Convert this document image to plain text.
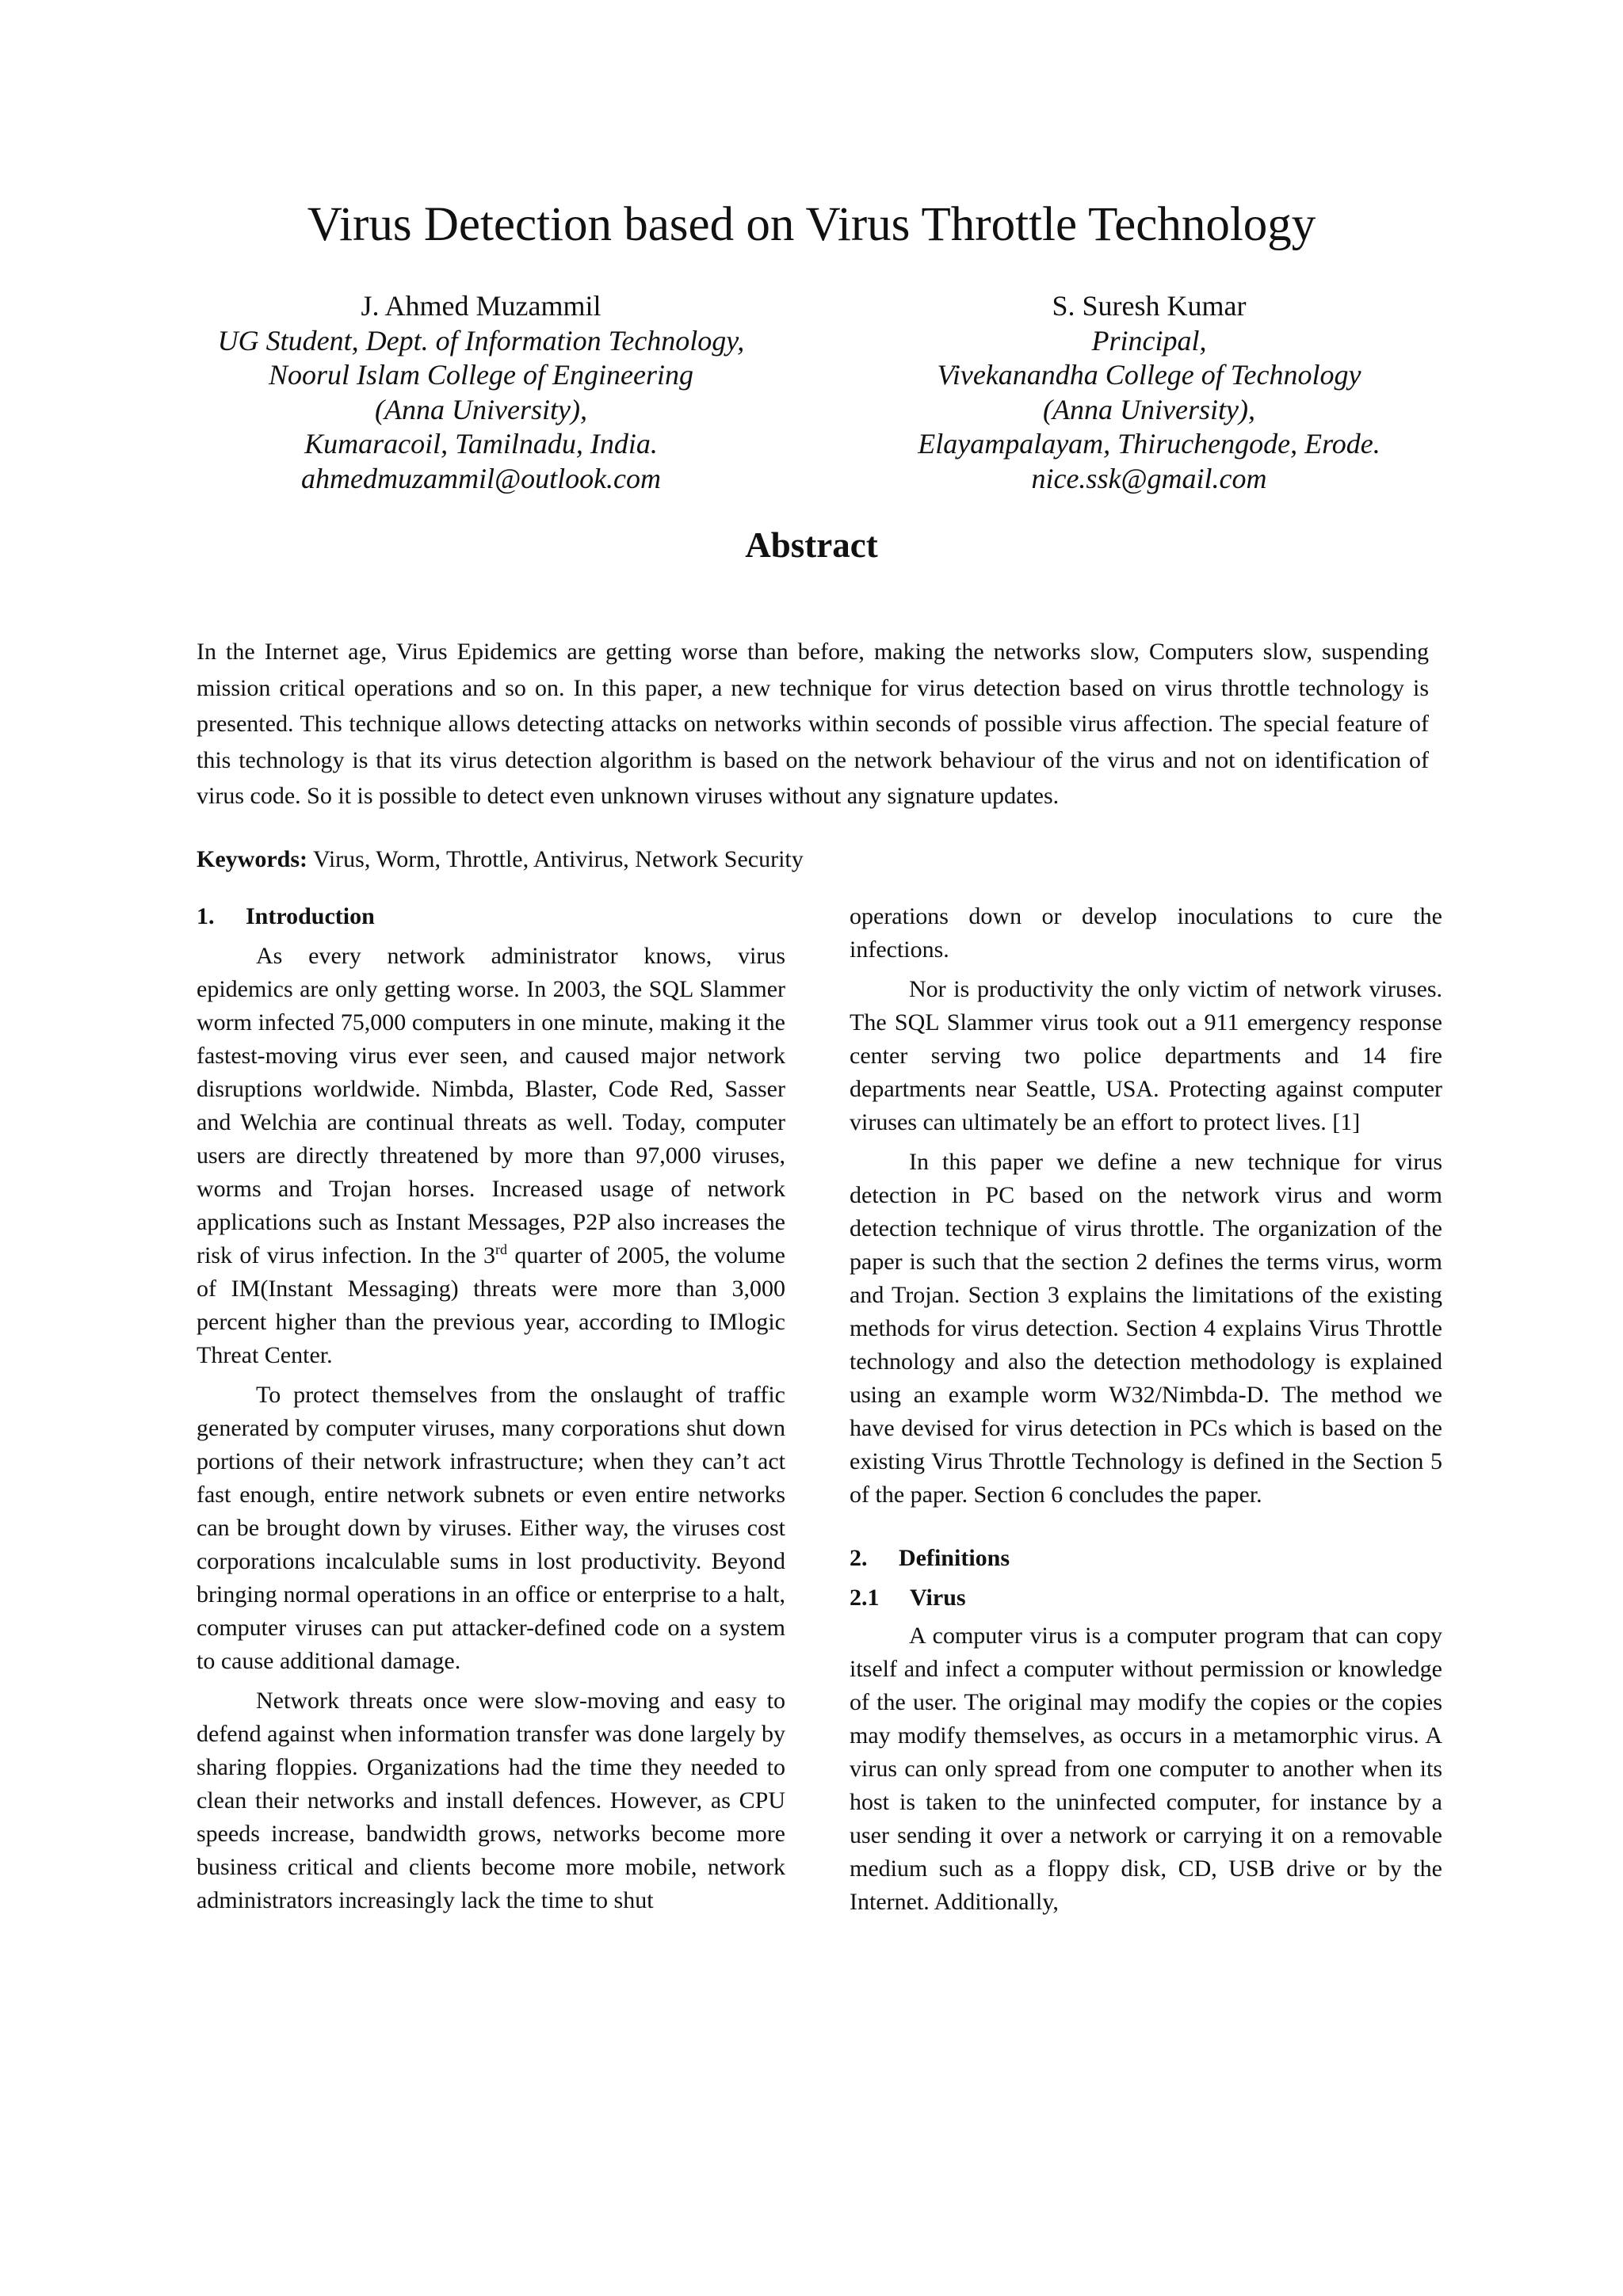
Virus Detection based on Virus Throttle Technology
J. Ahmed Muzammil
UG Student, Dept. of Information Technology,
Noorul Islam College of Engineering
(Anna University),
Kumaracoil, Tamilnadu, India.
ahmedmuzammil@outlook.com
S. Suresh Kumar
Principal,
Vivekanandha College of Technology
(Anna University),
Elayampalayam, Thiruchengode, Erode.
nice.ssk@gmail.com
Abstract

In the Internet age, Virus Epidemics are getting worse than before, making the networks slow, Computers slow, suspending mission critical operations and so on. In this paper, a new technique for virus detection based on virus throttle technology is presented. This technique allows detecting attacks on networks within seconds of possible virus affection. The special feature of this technology is that its virus detection algorithm is based on the network behaviour of the virus and not on identification of virus code. So it is possible to detect even unknown viruses without any signature updates.

Keywords: Virus, Worm, Throttle, Antivirus, Network Security

1. Introduction

As every network administrator knows, virus epidemics are only getting worse. In 2003, the SQL Slammer worm infected 75,000 computers in one minute, making it the fastest-moving virus ever seen, and caused major network disruptions worldwide. Nimbda, Blaster, Code Red, Sasser and Welchia are continual threats as well. Today, computer users are directly threatened by more than 97,000 viruses, worms and Trojan horses. Increased usage of network applications such as Instant Messages, P2P also increases the risk of virus infection. In the 3rd quarter of 2005, the volume of IM(Instant Messaging) threats were more than 3,000 percent higher than the previous year, according to IMlogic Threat Center.

To protect themselves from the onslaught of traffic generated by computer viruses, many corporations shut down portions of their network infrastructure; when they can’t act fast enough, entire network subnets or even entire networks can be brought down by viruses. Either way, the viruses cost corporations incalculable sums in lost productivity. Beyond bringing normal operations in an office or enterprise to a halt, computer viruses can put attacker-defined code on a system to cause additional damage.

Network threats once were slow-moving and easy to defend against when information transfer was done largely by sharing floppies. Organizations had the time they needed to clean their networks and install defences. However, as CPU speeds increase, bandwidth grows, networks become more business critical and clients become more mobile, network administrators increasingly lack the time to shut

operations down or develop inoculations to cure the infections.

Nor is productivity the only victim of network viruses. The SQL Slammer virus took out a 911 emergency response center serving two police departments and 14 fire departments near Seattle, USA. Protecting against computer viruses can ultimately be an effort to protect lives. [1]

In this paper we define a new technique for virus detection in PC based on the network virus and worm detection technique of virus throttle. The organization of the paper is such that the section 2 defines the terms virus, worm and Trojan. Section 3 explains the limitations of the existing methods for virus detection. Section 4 explains Virus Throttle technology and also the detection methodology is explained using an example worm W32/Nimbda-D. The method we have devised for virus detection in PCs which is based on the existing Virus Throttle Technology is defined in the Section 5 of the paper. Section 6 concludes the paper.

2. Definitions
2.1 Virus

A computer virus is a computer program that can copy itself and infect a computer without permission or knowledge of the user. The original may modify the copies or the copies may modify themselves, as occurs in a metamorphic virus. A virus can only spread from one computer to another when its host is taken to the uninfected computer, for instance by a user sending it over a network or carrying it on a removable medium such as a floppy disk, CD, USB drive or by the Internet. Additionally,
